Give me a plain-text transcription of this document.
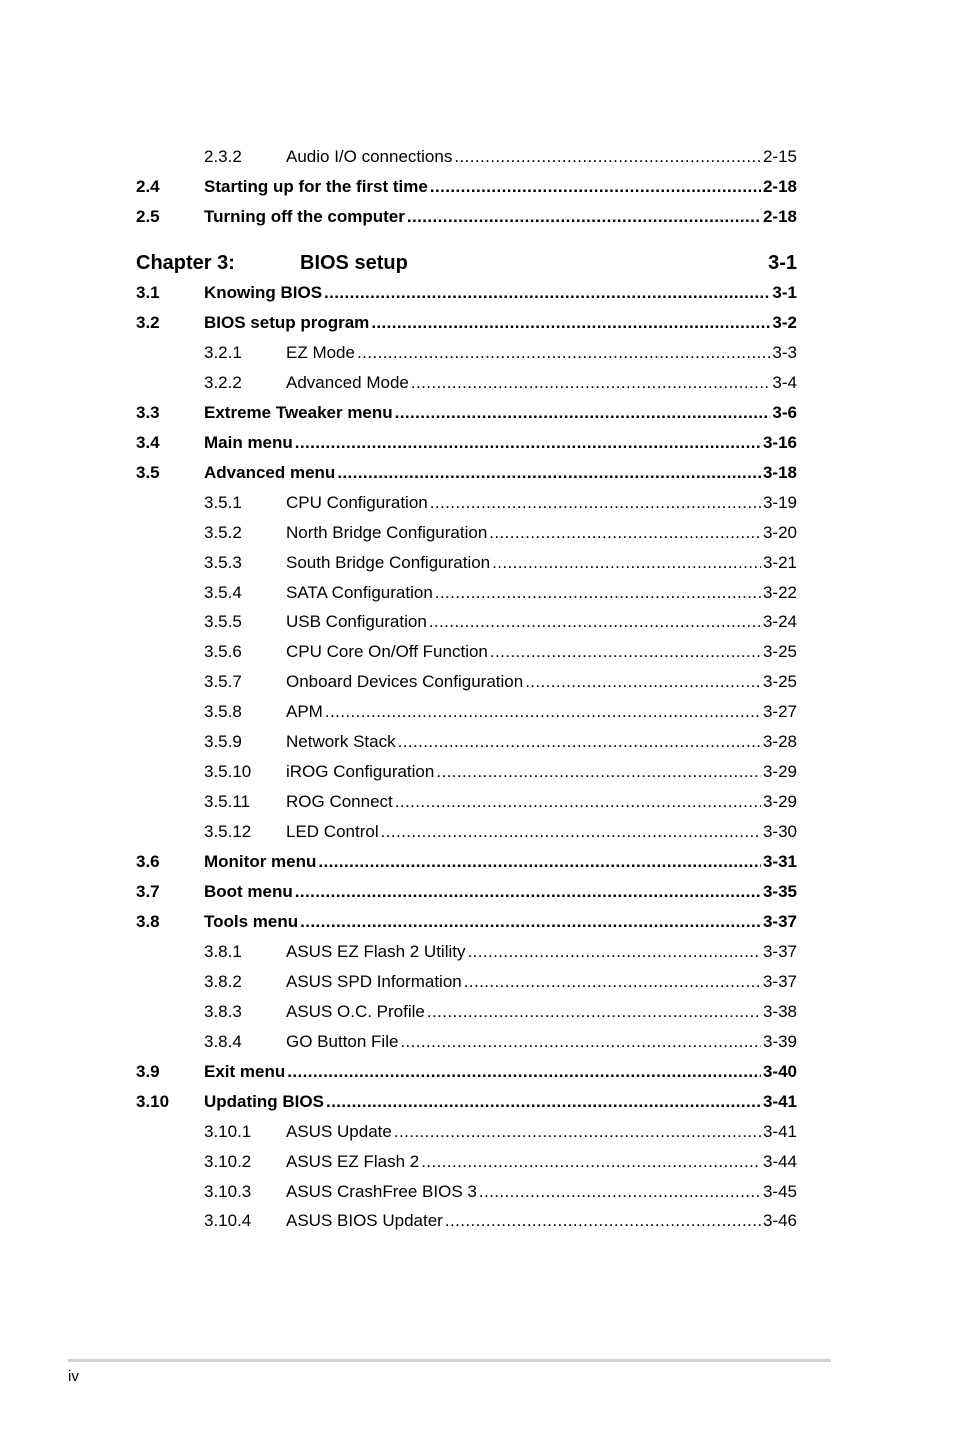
Chapter 3:	BIOS setup	3-1
2.3.2	Audio I/O connections .....	2-15
2.4	Starting up for the first time .....	2-18
2.5	Turning off the computer .....	2-18
3.1	Knowing BIOS .....	3-1
3.2	BIOS setup program .....	3-2
3.2.1	EZ Mode .....	3-3
3.2.2	Advanced Mode .....	3-4
3.3	Extreme Tweaker menu .....	3-6
3.4	Main menu .....	3-16
3.5	Advanced menu .....	3-18
3.5.1	CPU Configuration .....	3-19
3.5.2	North Bridge Configuration .....	3-20
3.5.3	South Bridge Configuration .....	3-21
3.5.4	SATA Configuration .....	3-22
3.5.5	USB Configuration .....	3-24
3.5.6	CPU Core On/Off Function .....	3-25
3.5.7	Onboard Devices Configuration .....	3-25
3.5.8	APM .....	3-27
3.5.9	Network Stack .....	3-28
3.5.10	iROG Configuration .....	3-29
3.5.11	ROG Connect .....	3-29
3.5.12	LED Control .....	3-30
3.6	Monitor menu .....	3-31
3.7	Boot menu .....	3-35
3.8	Tools menu .....	3-37
3.8.1	ASUS EZ Flash 2 Utility .....	3-37
3.8.2	ASUS SPD Information .....	3-37
3.8.3	ASUS O.C. Profile .....	3-38
3.8.4	GO Button File .....	3-39
3.9	Exit menu .....	3-40
3.10	Updating BIOS .....	3-41
3.10.1	ASUS Update .....	3-41
3.10.2	ASUS EZ Flash 2 .....	3-44
3.10.3	ASUS CrashFree BIOS 3 .....	3-45
3.10.4	ASUS BIOS Updater .....	3-46
iv
